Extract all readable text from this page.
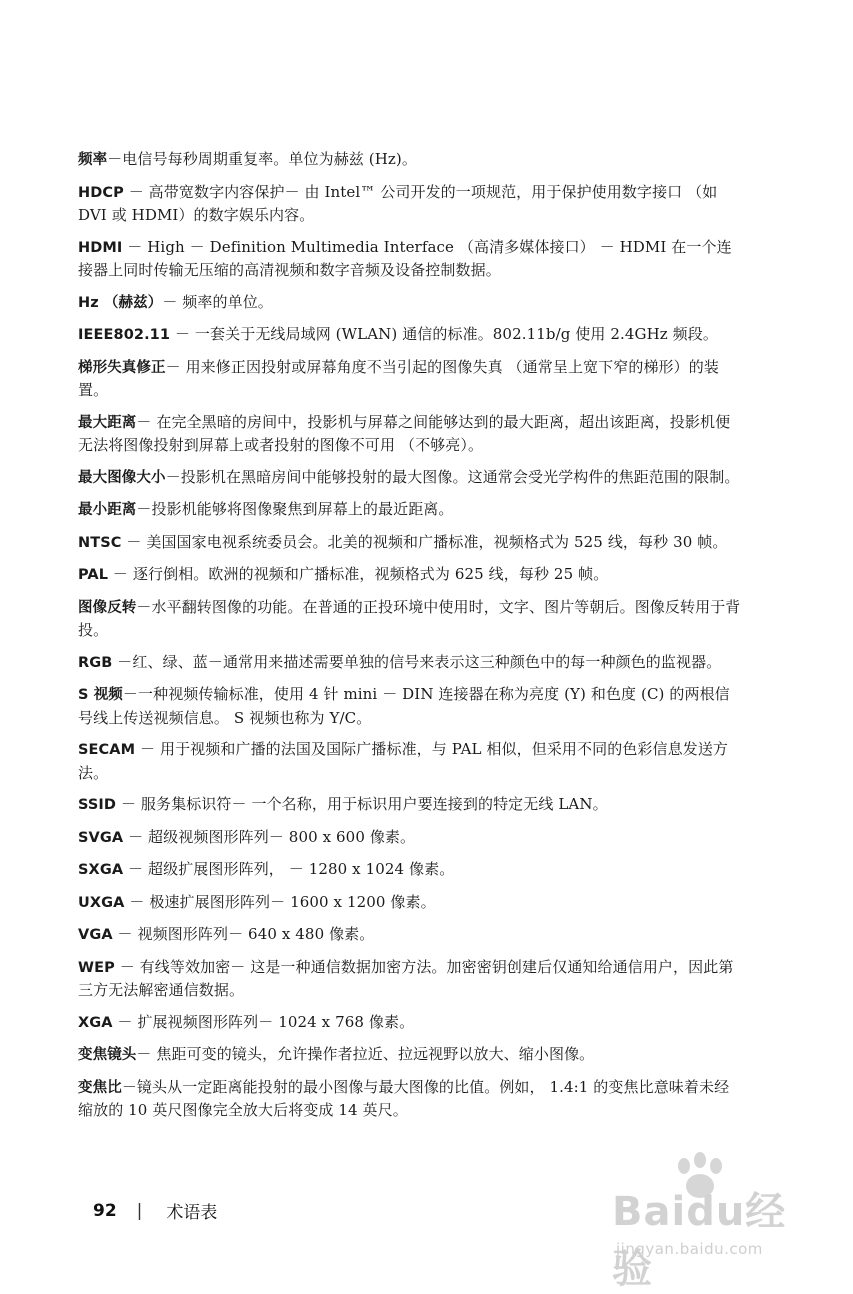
频率－电信号每秒周期重复率。单位为赫兹 (Hz)。

HDCP － 高带宽数字内容保护－ 由 Intel™ 公司开发的一项规范，用于保护使用数字接口 （如 DVI 或 HDMI）的数字娱乐内容。

HDMI － High － Definition Multimedia Interface （高清多媒体接口） － HDMI 在一个连接器上同时传输无压缩的高清视频和数字音频及设备控制数据。

Hz （赫兹）－ 频率的单位。

IEEE802.11 － 一套关于无线局域网 (WLAN) 通信的标准。802.11b/g 使用 2.4GHz 频段。

梯形失真修正－ 用来修正因投射或屏幕角度不当引起的图像失真 （通常呈上宽下窄的梯形）的装置。

最大距离－ 在完全黑暗的房间中，投影机与屏幕之间能够达到的最大距离，超出该距离，投影机便无法将图像投射到屏幕上或者投射的图像不可用 （不够亮）。

最大图像大小－投影机在黑暗房间中能够投射的最大图像。这通常会受光学构件的焦距范围的限制。

最小距离－投影机能够将图像聚焦到屏幕上的最近距离。

NTSC － 美国国家电视系统委员会。北美的视频和广播标准，视频格式为 525 线，每秒 30 帧。

PAL － 逐行倒相。欧洲的视频和广播标准，视频格式为 625 线，每秒 25 帧。

图像反转－水平翻转图像的功能。在普通的正投环境中使用时，文字、图片等朝后。图像反转用于背投。

RGB －红、绿、蓝－通常用来描述需要单独的信号来表示这三种颜色中的每一种颜色的监视器。

S 视频－一种视频传输标准，使用 4 针 mini － DIN 连接器在称为亮度 (Y) 和色度 (C) 的两根信号线上传送视频信息。 S 视频也称为 Y/C。

SECAM － 用于视频和广播的法国及国际广播标准，与 PAL 相似，但采用不同的色彩信息发送方法。

SSID － 服务集标识符－ 一个名称，用于标识用户要连接到的特定无线 LAN。

SVGA － 超级视频图形阵列－ 800 x 600 像素。

SXGA － 超级扩展图形阵列， － 1280 x 1024 像素。

UXGA － 极速扩展图形阵列－ 1600 x 1200 像素。

VGA － 视频图形阵列－ 640 x 480 像素。

WEP － 有线等效加密－ 这是一种通信数据加密方法。加密密钥创建后仅通知给通信用户，因此第三方无法解密通信数据。

XGA － 扩展视频图形阵列－ 1024 x 768 像素。

变焦镜头－ 焦距可变的镜头，允许操作者拉近、拉远视野以放大、缩小图像。

变焦比－镜头从一定距离能投射的最小图像与最大图像的比值。例如， 1.4:1 的变焦比意味着未经缩放的 10 英尺图像完全放大后将变成 14 英尺。

92 | 术语表	Baidu经验
jingyan.baidu.com
